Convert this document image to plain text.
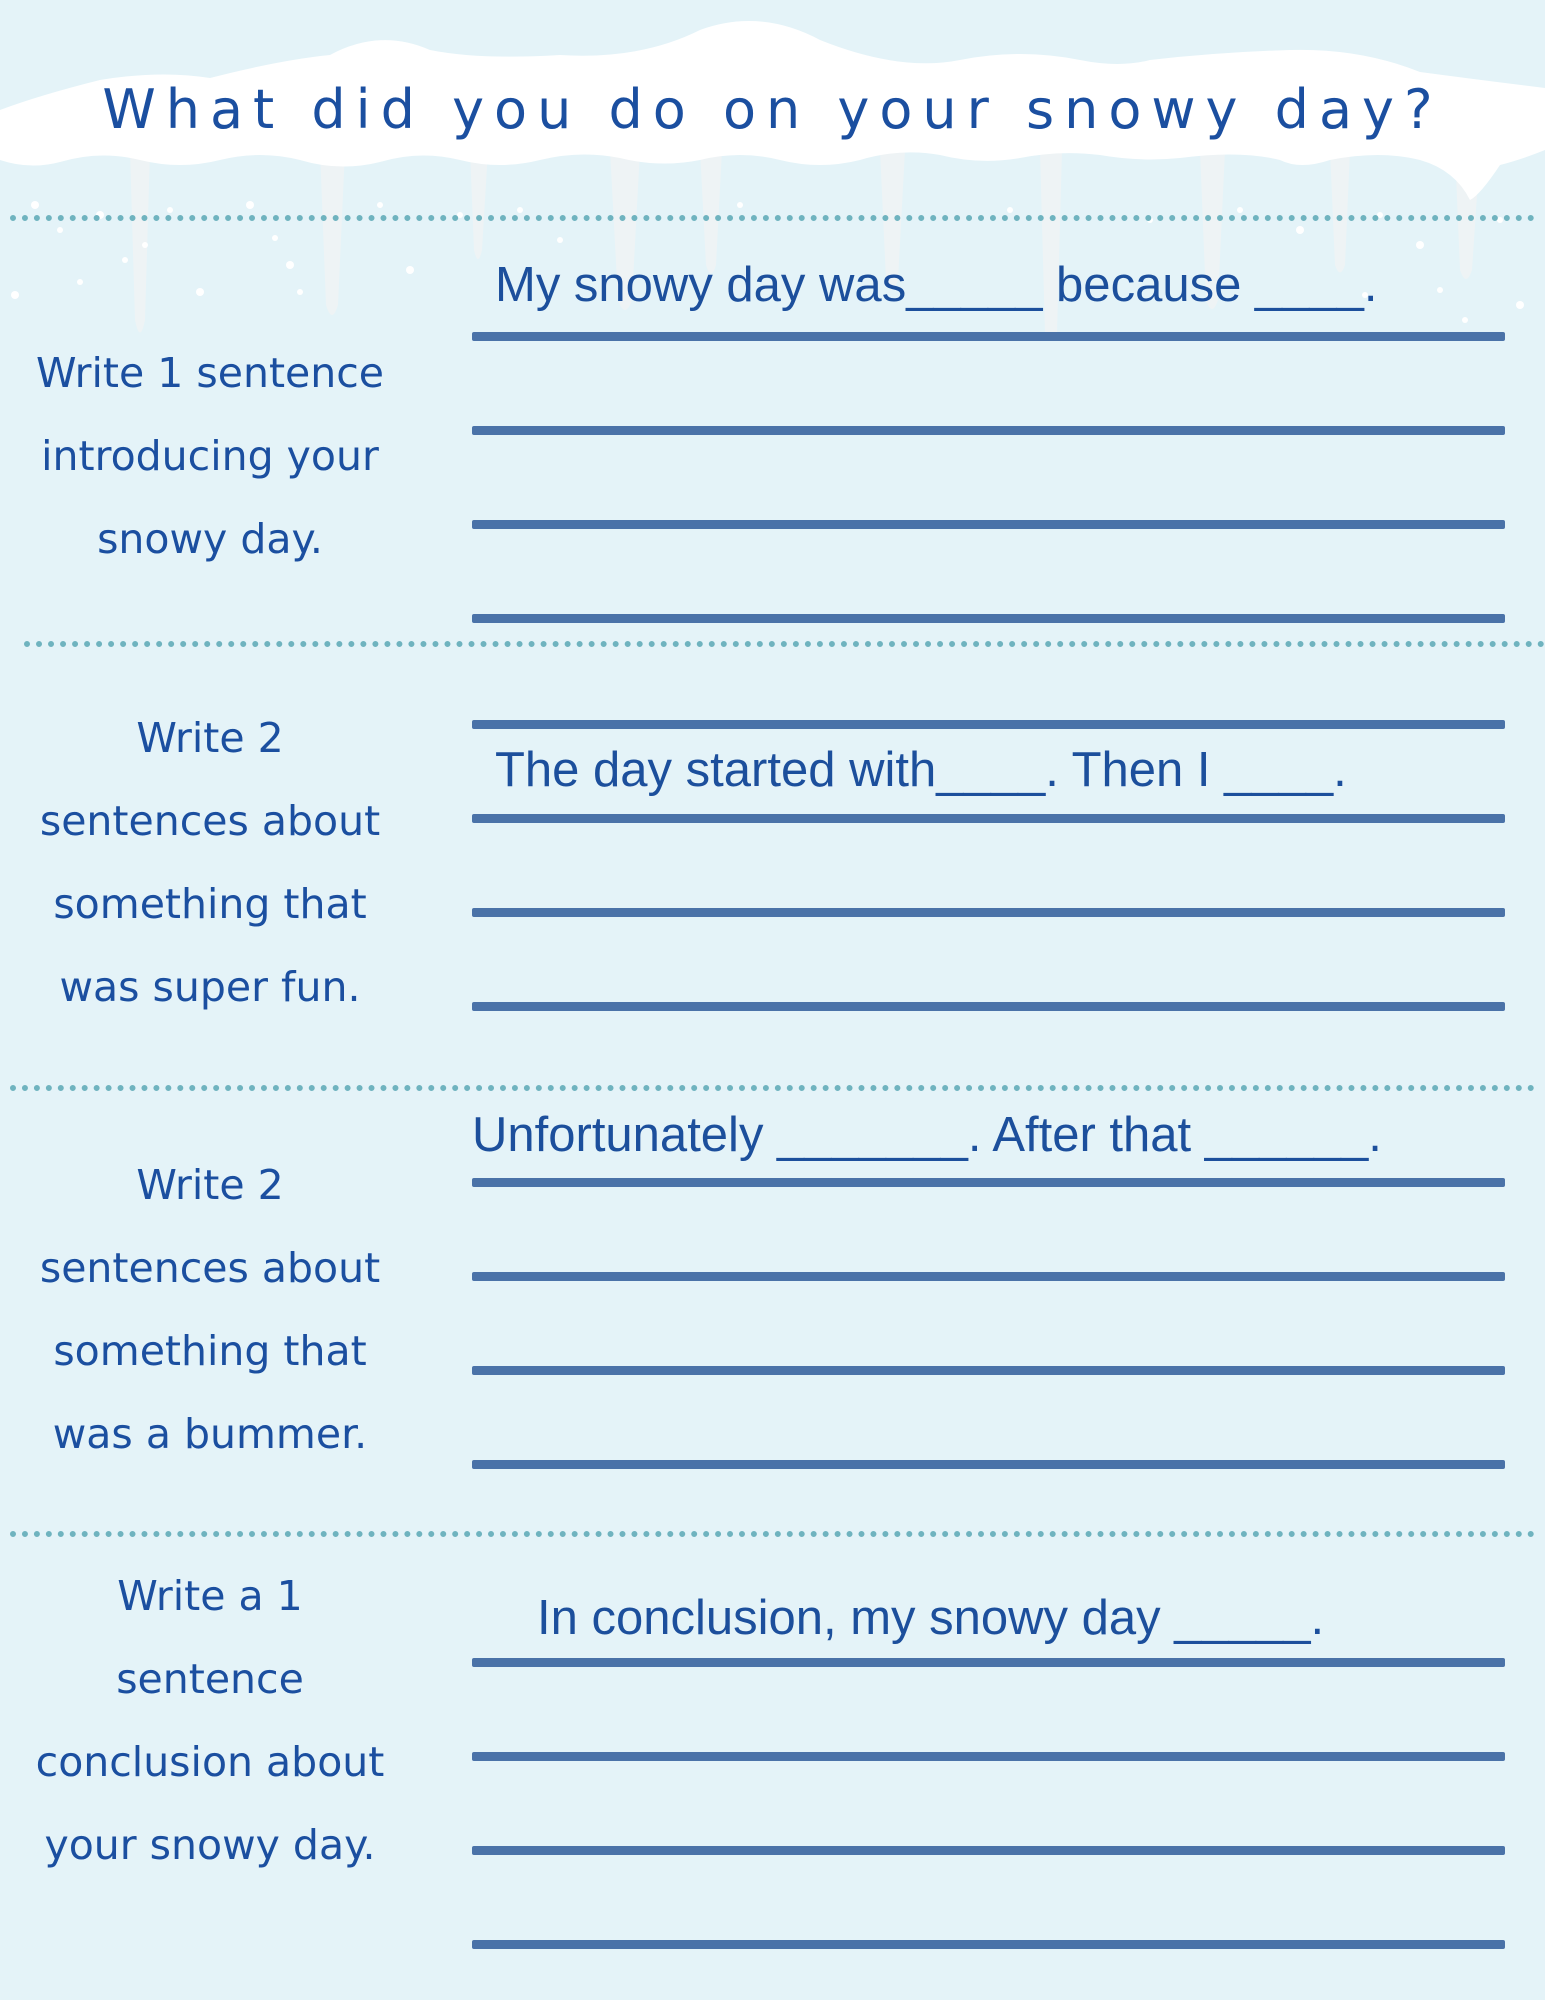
What did you do on your snowy day?
Write 1 sentence
introducing your
snowy day.
My snowy day was_____ because ____.
Write 2
sentences about
something that
was super fun.
The day started with____. Then I ____.
Write 2
sentences about
something that
was a bummer.
Unfortunately _______. After that ______.
Write a 1
sentence
conclusion about
your snowy day.
In conclusion, my snowy day _____.
